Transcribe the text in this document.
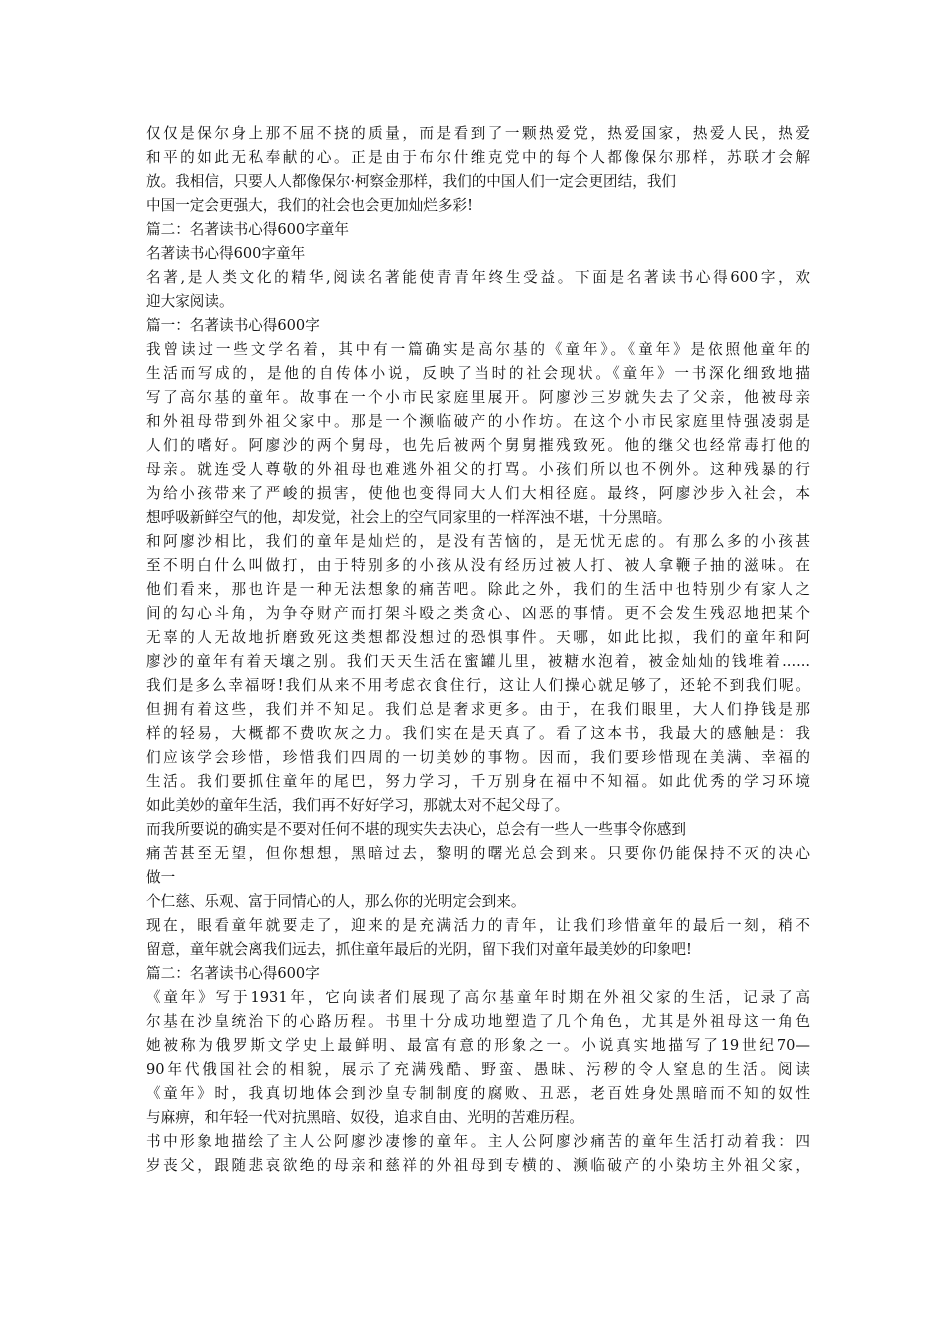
仅仅是保尔身上那不屈不挠的质量，而是看到了一颗热爱党，热爱国家，热爱人民，热爱
和平的如此无私奉献的心。正是由于布尔什维克党中的每个人都像保尔那样，苏联才会解
放。我相信，只要人人都像保尔·柯察金那样，我们的中国人们一定会更团结，我们
中国一定会更强大，我们的社会也会更加灿烂多彩!
篇二：名著读书心得600字童年
名著读书心得600字童年
名著,是人类文化的精华,阅读名著能使青青年终生受益。下面是名著读书心得600字，欢
迎大家阅读。
篇一：名著读书心得600字
我曾读过一些文学名着，其中有一篇确实是高尔基的《童年》。《童年》是依照他童年的
生活而写成的，是他的自传体小说，反映了当时的社会现状。《童年》一书深化细致地描
写了高尔基的童年。故事在一个小市民家庭里展开。阿廖沙三岁就失去了父亲，他被母亲
和外祖母带到外祖父家中。那是一个濒临破产的小作坊。在这个小市民家庭里恃强凌弱是
人们的嗜好。阿廖沙的两个舅母，也先后被两个舅舅摧残致死。他的继父也经常毒打他的
母亲。就连受人尊敬的外祖母也难逃外祖父的打骂。小孩们所以也不例外。这种残暴的行
为给小孩带来了严峻的损害，使他也变得同大人们大相径庭。最终，阿廖沙步入社会，本
想呼吸新鲜空气的他，却发觉，社会上的空气同家里的一样浑浊不堪，十分黑暗。
和阿廖沙相比，我们的童年是灿烂的，是没有苦恼的，是无忧无虑的。有那么多的小孩甚
至不明白什么叫做打，由于特别多的小孩从没有经历过被人打、被人拿鞭子抽的滋味。在
他们看来，那也许是一种无法想象的痛苦吧。除此之外，我们的生活中也特别少有家人之
间的勾心斗角，为争夺财产而打架斗殴之类贪心、凶恶的事情。更不会发生残忍地把某个
无辜的人无故地折磨致死这类想都没想过的恐惧事件。天哪，如此比拟，我们的童年和阿
廖沙的童年有着天壤之别。我们天天生活在蜜罐儿里，被糖水泡着，被金灿灿的钱堆着......
我们是多么幸福呀!我们从来不用考虑衣食住行，这让人们操心就足够了，还轮不到我们呢。
但拥有着这些，我们并不知足。我们总是奢求更多。由于，在我们眼里，大人们挣钱是那
样的轻易，大概都不费吹灰之力。我们实在是天真了。看了这本书，我最大的感触是：我
们应该学会珍惜，珍惜我们四周的一切美妙的事物。因而，我们要珍惜现在美满、幸福的
生活。我们要抓住童年的尾巴，努力学习，千万别身在福中不知福。如此优秀的学习环境
如此美妙的童年生活，我们再不好好学习，那就太对不起父母了。
而我所要说的确实是不要对任何不堪的现实失去决心，总会有一些人一些事令你感到
痛苦甚至无望，但你想想，黑暗过去，黎明的曙光总会到来。只要你仍能保持不灭的决心
做一
个仁慈、乐观、富于同情心的人，那么你的光明定会到来。
现在，眼看童年就要走了，迎来的是充满活力的青年，让我们珍惜童年的最后一刻，稍不
留意，童年就会离我们远去，抓住童年最后的光阴，留下我们对童年最美妙的印象吧!
篇二：名著读书心得600字
《童年》写于1931年，它向读者们展现了高尔基童年时期在外祖父家的生活，记录了高
尔基在沙皇统治下的心路历程。书里十分成功地塑造了几个角色，尤其是外祖母这一角色
她被称为俄罗斯文学史上最鲜明、最富有意的形象之一。小说真实地描写了19世纪70—
90年代俄国社会的相貌，展示了充满残酷、野蛮、愚昧、污秽的令人窒息的生活。阅读
《童年》时，我真切地体会到沙皇专制制度的腐败、丑恶，老百姓身处黑暗而不知的奴性
与麻痹，和年轻一代对抗黑暗、奴役，追求自由、光明的苦难历程。
书中形象地描绘了主人公阿廖沙凄惨的童年。主人公阿廖沙痛苦的童年生活打动着我：四
岁丧父，跟随悲哀欲绝的母亲和慈祥的外祖母到专横的、濒临破产的小染坊主外祖父家，
